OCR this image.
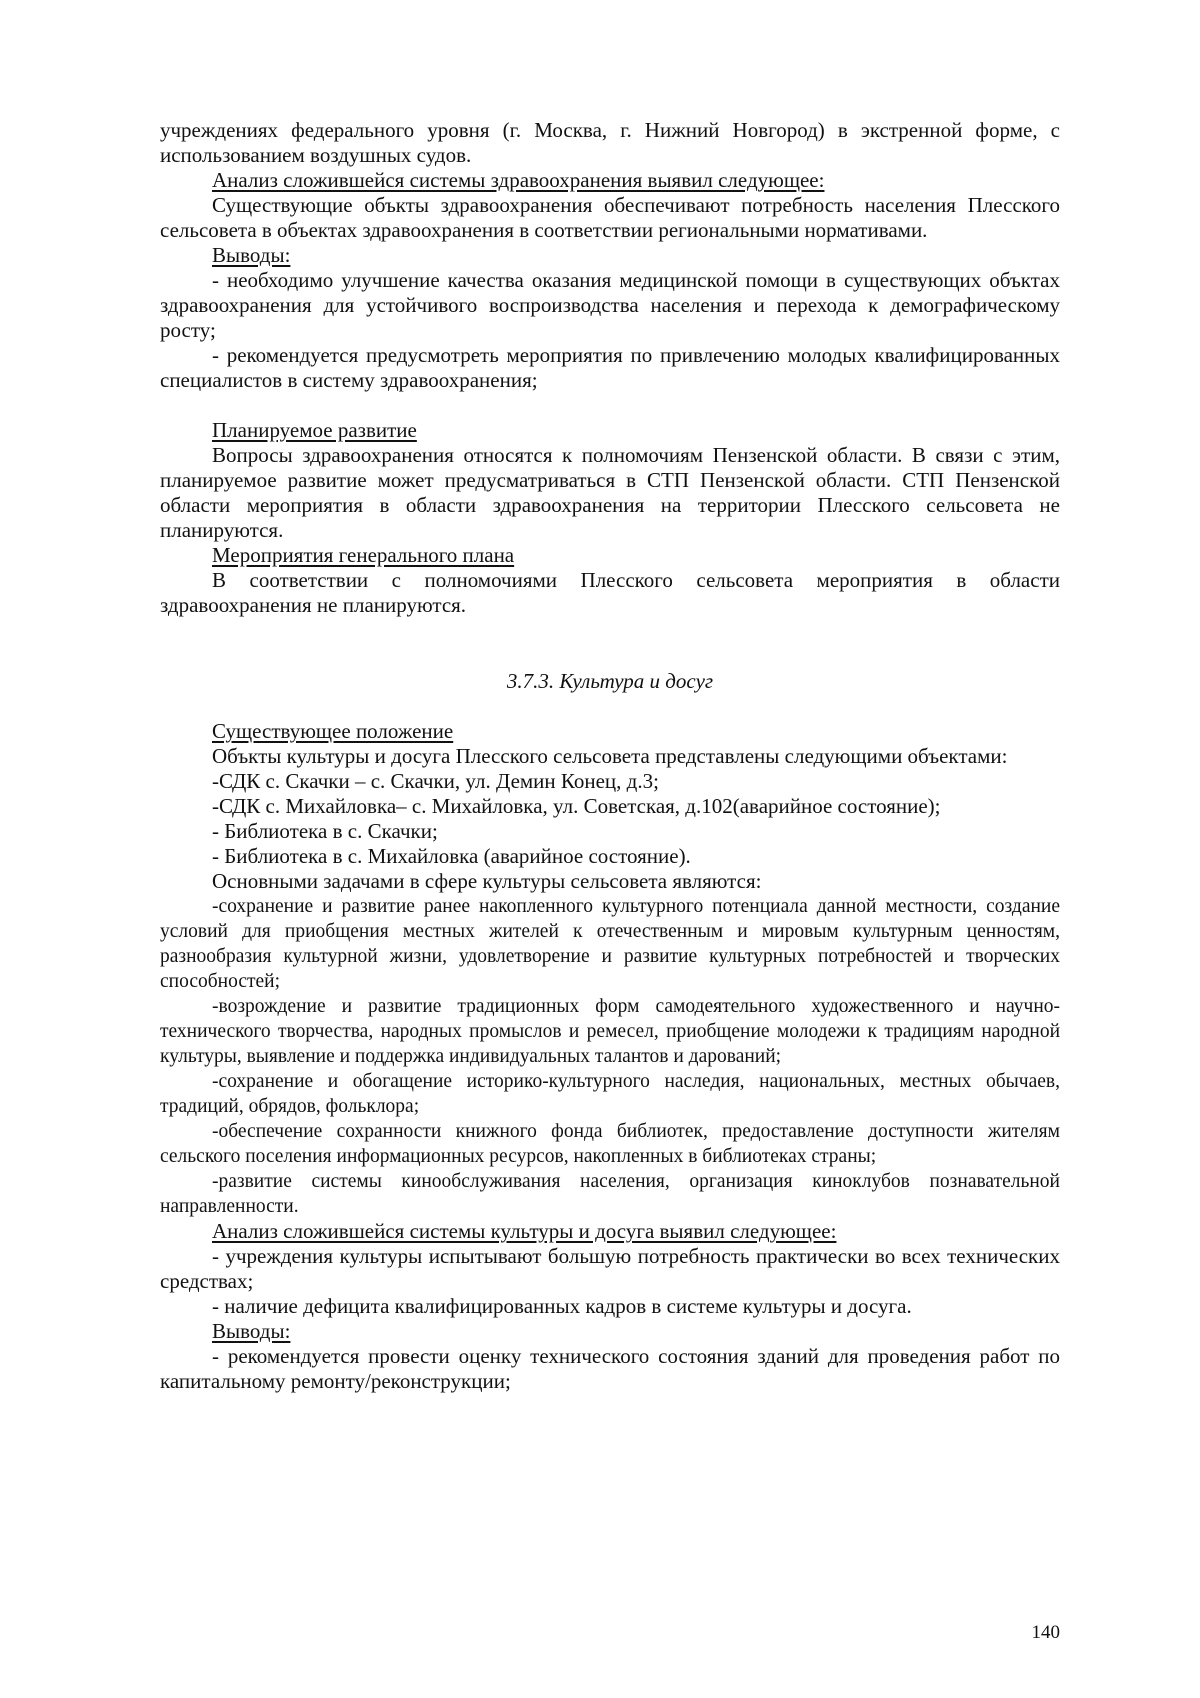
учреждениях федерального уровня (г. Москва, г. Нижний Новгород) в экстренной форме, с использованием воздушных судов.

Анализ сложившейся системы здравоохранения выявил следующее:

Существующие объкты здравоохранения обеспечивают потребность населения Плесского сельсовета в объектах здравоохранения в соответствии региональными нормативами.

Выводы:

- необходимо улучшение качества оказания медицинской помощи в существующих объктах здравоохранения для устойчивого воспроизводства населения и перехода к демографическому росту;

- рекомендуется предусмотреть мероприятия по привлечению молодых квалифицированных специалистов в систему здравоохранения;

Планируемое развитие

Вопросы здравоохранения относятся к полномочиям Пензенской области. В связи с этим, планируемое развитие может предусматриваться в СТП Пензенской области. СТП Пензенской области мероприятия в области здравоохранения на территории Плесского сельсовета не планируются.

Мероприятия генерального плана

В соответствии с полномочиями Плесского сельсовета мероприятия в области здравоохранения не планируются.

3.7.3. Культура и досуг

Существующее положение

Объкты культуры и досуга Плесского сельсовета представлены следующими объектами:

-СДК с. Скачки – с. Скачки, ул. Демин Конец, д.3;

-СДК с. Михайловка– с. Михайловка, ул. Советская, д.102(аварийное состояние);

- Библиотека в с. Скачки;

- Библиотека в с. Михайловка (аварийное состояние).

Основными задачами в сфере культуры сельсовета являются:

-сохранение и развитие ранее накопленного культурного потенциала данной местности, создание условий для приобщения местных жителей к отечественным и мировым культурным ценностям, разнообразия культурной жизни, удовлетворение и развитие культурных потребностей и творческих способностей;

-возрождение и развитие традиционных форм самодеятельного художественного и научно-технического творчества, народных промыслов и ремесел, приобщение молодежи к традициям народной культуры, выявление и поддержка индивидуальных талантов и дарований;

-сохранение и обогащение историко-культурного наследия, национальных, местных обычаев, традиций, обрядов, фольклора;

-обеспечение сохранности книжного фонда библиотек, предоставление доступности жителям сельского поселения информационных ресурсов, накопленных в библиотеках страны;

-развитие системы кинообслуживания населения, организация киноклубов познавательной направленности.

Анализ сложившейся системы культуры и досуга выявил следующее:

- учреждения культуры испытывают большую потребность практически во всех технических средствах;

- наличие дефицита квалифицированных кадров в системе культуры и досуга.

Выводы:

- рекомендуется провести оценку технического состояния зданий для проведения работ по капитальному ремонту/реконструкции;

140
